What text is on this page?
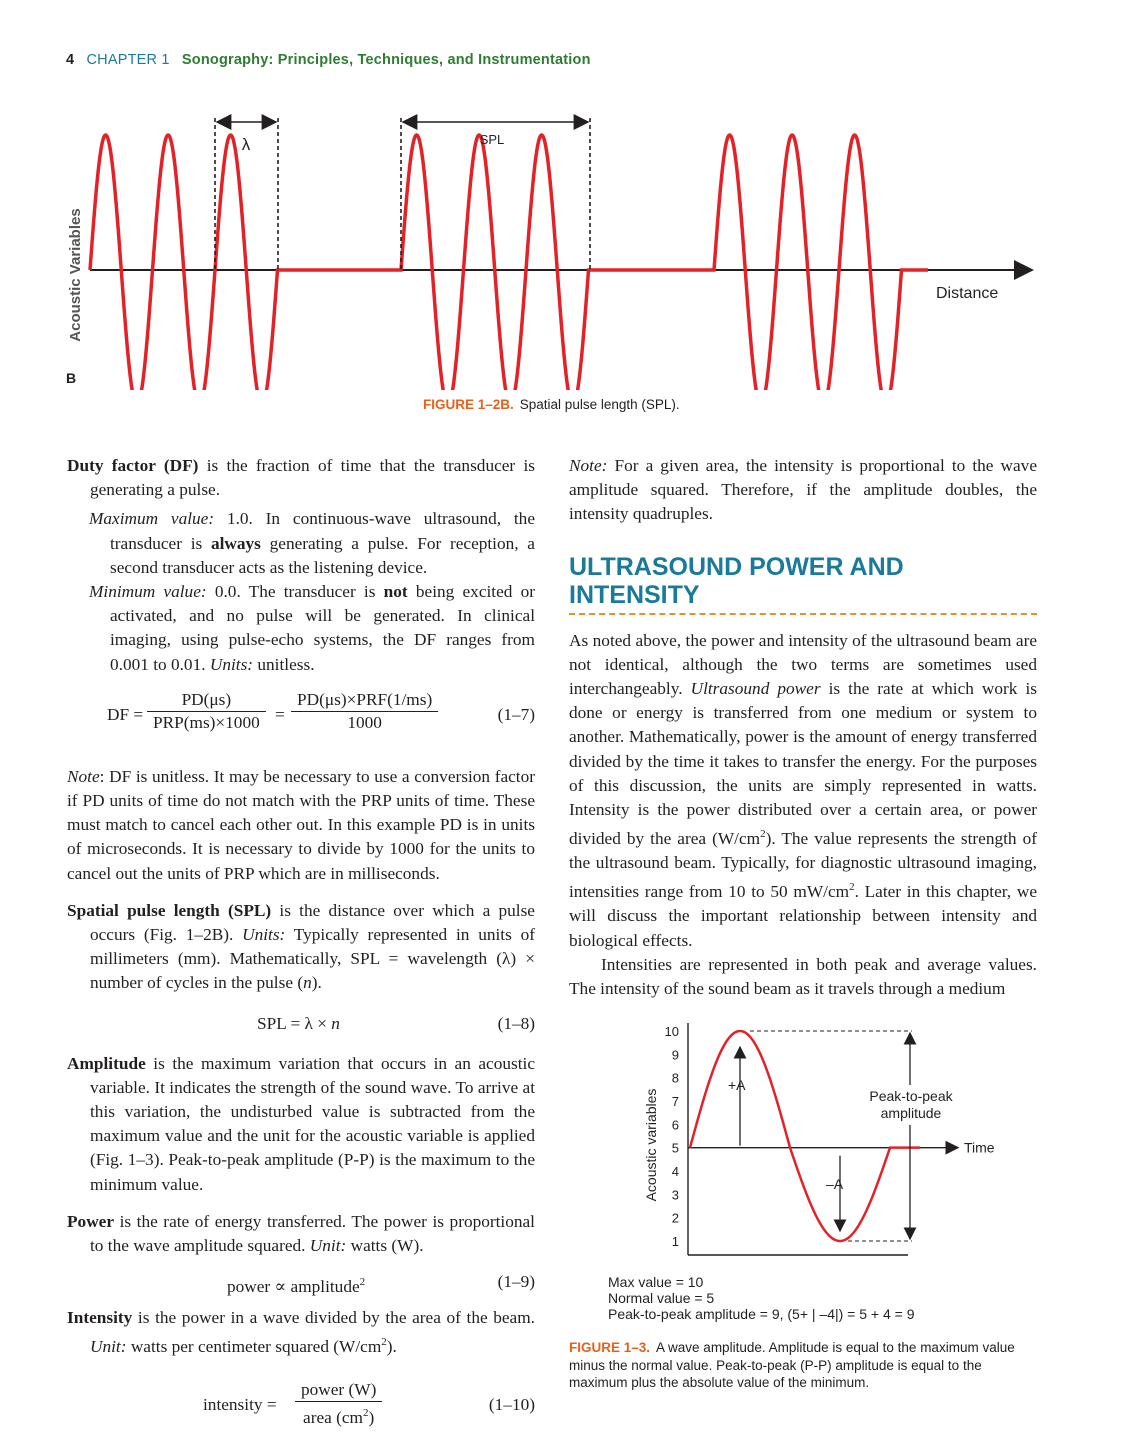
4 CHAPTER 1 Sonography: Principles, Techniques, and Instrumentation
Acoustic Variables	Distance
B
λ	SPL
FIGURE 1–2B. Spatial pulse length (SPL).

Duty factor (DF) is the fraction of time that the transducer is generating a pulse.

Maximum value: 1.0. In continuous-wave ultrasound, the transducer is always generating a pulse. For reception, a second transducer acts as the listening device.

Minimum value: 0.0. The transducer is not being excited or activated, and no pulse will be generated. In clinical imaging, using pulse-echo systems, the DF ranges from 0.001 to 0.01. Units: unitless.

DF =
PD(μs)
PRP(ms)×1000 =
PD(μs)×PRF(1/ms)
1000	(1–7)

Note: DF is unitless. It may be necessary to use a conversion factor if PD units of time do not match with the PRP units of time. These must match to cancel each other out. In this example PD is in units of microseconds. It is necessary to divide by 1000 for the units to cancel out the units of PRP which are in milliseconds.

Spatial pulse length (SPL) is the distance over which a pulse occurs (Fig. 1–2B). Units: Typically represented in units of millimeters (mm). Mathematically, SPL = wavelength (λ) × number of cycles in the pulse (n).

SPL = λ × n	(1–8)

Amplitude is the maximum variation that occurs in an acoustic variable. It indicates the strength of the sound wave. To arrive at this variation, the undisturbed value is subtracted from the maximum value and the unit for the acoustic variable is applied (Fig. 1–3). Peak-to-peak amplitude (P-P) is the maximum to the minimum value.

Power is the rate of energy transferred. The power is proportional to the wave amplitude squared. Unit: watts (W).

power ∝ amplitude$^2$	(1–9)

Intensity is the power in a wave divided by the area of the beam. Unit: watts per centimeter squared $(W/cm^2)$.

intensity =
power (W)
area $(cm^2)$
(1–10)

Note: For a given area, the intensity is proportional to the wave amplitude squared. Therefore, if the amplitude doubles, the intensity quadruples.

ULTRASOUND POWER AND
INTENSITY

As noted above, the power and intensity of the ultrasound beam are not identical, although the two terms are sometimes used interchangeably. Ultrasound power is the rate at which work is done or energy is transferred from one medium or system to another. Mathematically, power is the amount of energy transferred divided by the time it takes to transfer the energy. For the purposes of this discussion, the units are simply represented in watts. Intensity is the power distributed over a certain area, or power divided by the area $(W/cm^2)$. The value represents the strength of the ultrasound beam. Typically, for diagnostic ultrasound imaging, intensities range from 10 to 50 $mW/cm^2$. Later in this chapter, we will discuss the important relationship between intensity and biological effects.

Intensities are represented in both peak and average values. The intensity of the sound beam as it travels through a medium

Acoustic variables
1
2
3
4
5
6
7
8
9
10
Time
+A
–A
Peak-to-peak
amplitude
Max value = 10
Normal value = 5
Peak-to-peak amplitude = 9, (5+ | –4|) = 5 + 4 = 9
FIGURE 1–3. A wave amplitude. Amplitude is equal to the maximum value minus the normal value. Peak-to-peak (P-P) amplitude is equal to the maximum plus the absolute value of the minimum.
